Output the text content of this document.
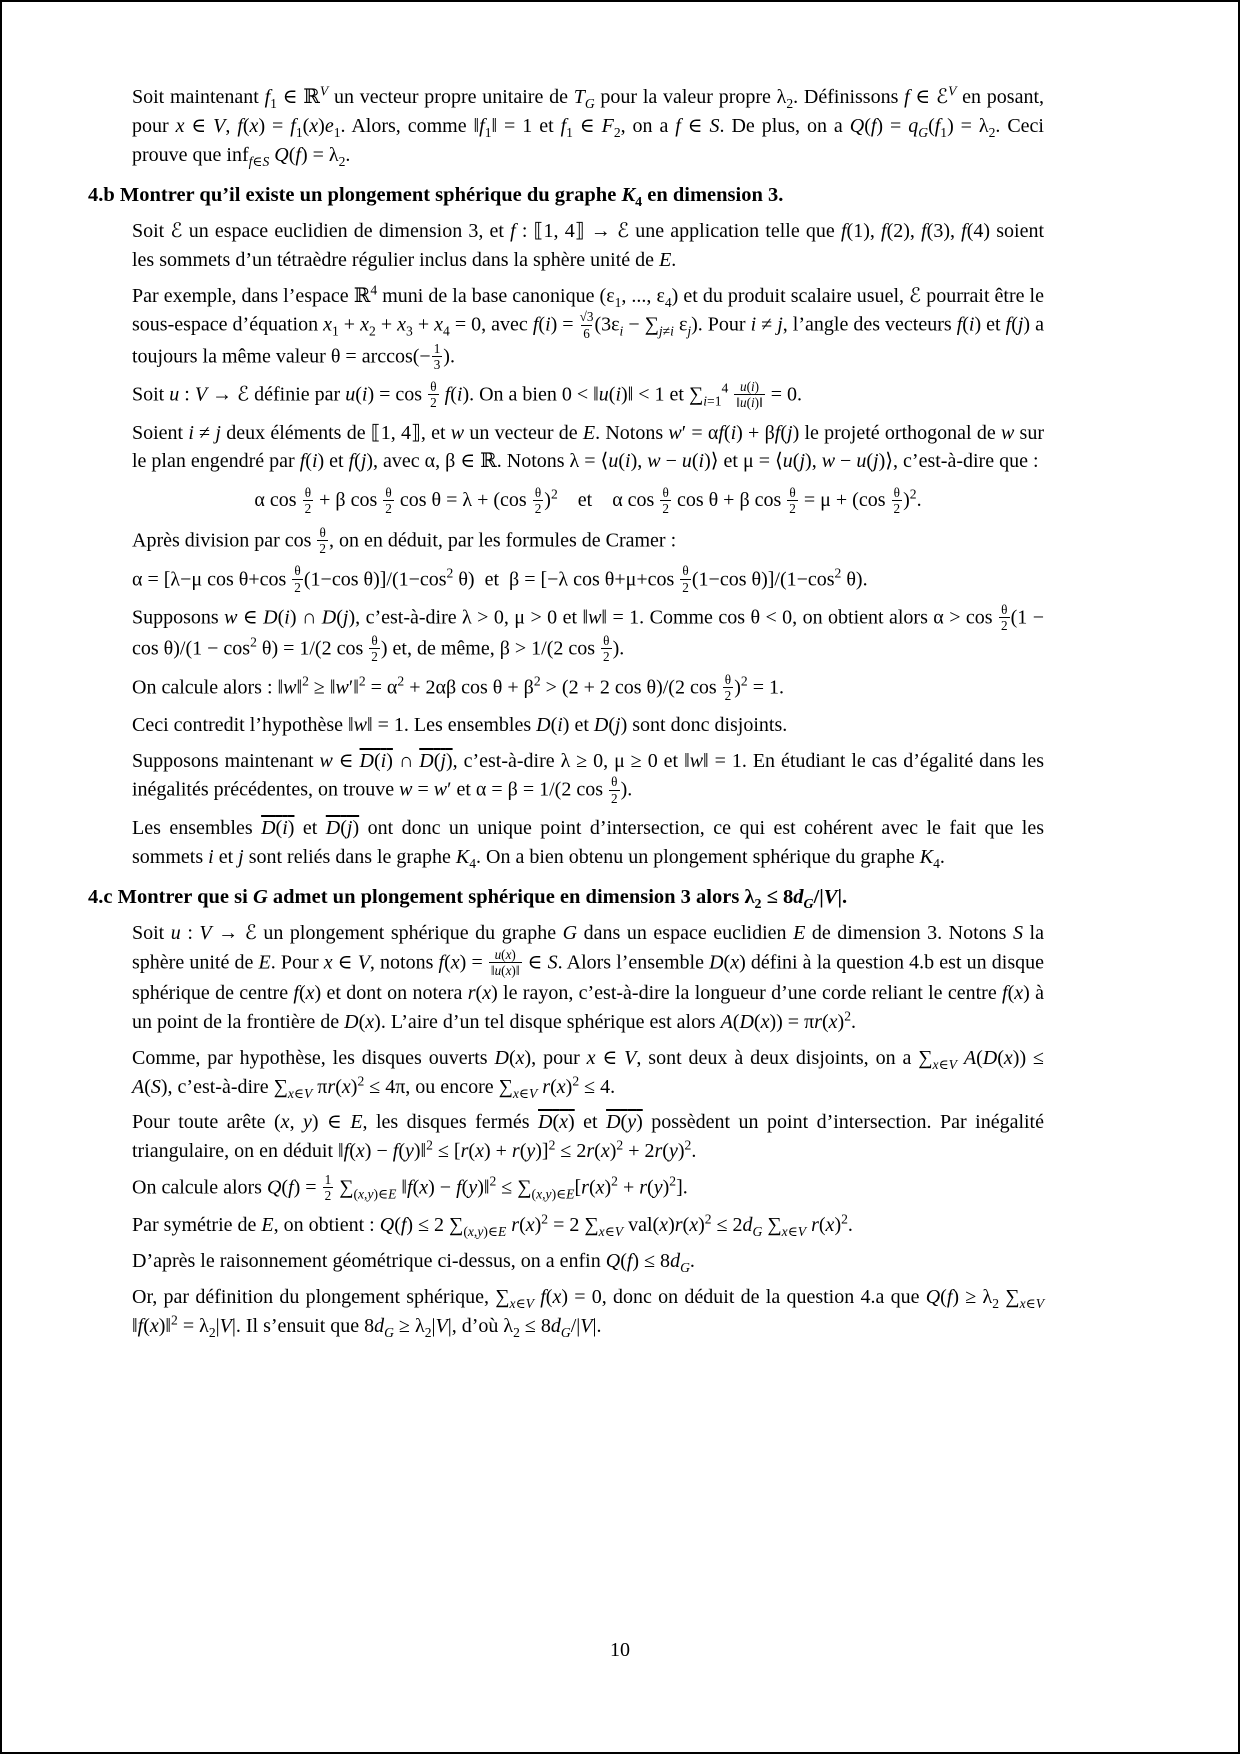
Soit maintenant $f_1$ ∈ ℝ$^V$ un vecteur propre unitaire de $T_G$ pour la valeur propre $\lambda_2$. Définissons f ∈ ℰ$^V$ en posant, pour x ∈ V, $f(x) = f_1(x)e_1$. Alors, comme $‖f_1‖ = 1$ et $f_1$ ∈ $F_2$, on a f ∈ S. De plus, on a $Q(f) = q_G(f_1) = \lambda_2$. Ceci prouve que inf$_{f\in S}$ $Q(f) = \lambda_2$.

4.b Montrer qu’il existe un plongement sphérique du graphe $K_4$ en dimension 3.

Soit ℰ un espace euclidien de dimension 3, et f : ⟦1, 4⟧ → ℰ une application telle que f(1), f(2), f(3), f(4) soient les sommets d’un tétraèdre régulier inclus dans la sphère unité de E.

Par exemple, dans l’espace ℝ$^4$ muni de la base canonique ($\varepsilon_1$, ..., $\varepsilon_4$) et du produit scalaire usuel, ℰ pourrait être le sous-espace d’équation $x_1 + x_2 + x_3 + x_4 = 0$, avec $f(i) = \frac{√3}{6} (3\varepsilon_i - \sum_{j\ne i}$ $\varepsilon_j$). Pour i ≠ j, l’angle des vecteurs f(i) et f(j) a toujours la même valeur $\theta = \arccos(- \frac{1}{3}$ ).

Soit u : V → ℰ définie par $u(i) = \cos \frac{\theta}{2} f(i)$. On a bien 0 < ‖u(i)‖ < 1 et $\sum_{i=1}^4 \frac{u(i)}{‖u(i)‖} = 0$.

Soient i ≠ j deux éléments de ⟦1, 4⟧, et w un vecteur de E. Notons w′ = αf(i) + βf(j) le projeté orthogonal de w sur le plan engendré par f(i) et f(j), avec α, β ∈ ℝ. Notons λ = ⟨u(i), w − u(i)⟩ et μ = ⟨u(j), w − u(j)⟩, c’est-à-dire que :

α $\cos \frac{\theta}{2} + \beta$ $\cos \frac{\theta}{2}$ $\cos \theta = \lambda + (\cos \frac{\theta}{2} )^2$    et    α $\cos \frac{\theta}{2}$ cos θ + β $\cos \frac{\theta}{2} = \mu + (\cos \frac{\theta}{2} )^2$.

Après division par $\cos \frac{\theta}{2}$ , on en déduit, par les formules de Cramer :

α = [λ−μ $\cos \theta+\cos \frac{\theta}{2} (1-\cos$ $\theta)]/(1-\cos^2$ θ)  et  β = [−λ $\cos \theta+\mu+\cos \frac{\theta}{2} (1-\cos$ $\theta)]/(1-\cos^2$ θ).

Supposons w ∈ D(i) ∩ D(j), c’est-à-dire λ > 0, μ > 0 et ‖w‖ = 1. Comme cos θ < 0, on obtient alors $\alpha > \cos \frac{\theta}{2} (1 - \cos \theta)/(1 - \cos^2 \theta) = 1/(2$ $\cos \frac{\theta}{2}$ ) et, de même, β > 1/(2 $\cos \frac{\theta}{2}$ ).

On calcule alors : ‖w‖$^2$ ≥ ‖w′‖$^2$ = $\alpha^2 + 2\alpha\beta$ $\cos \theta + \beta^2 > (2 + 2$ cos θ)/(2 $\cos \frac{\theta}{2} )^2 = 1$.

Ceci contredit l’hypothèse ‖w‖ = 1. Les ensembles D(i) et D(j) sont donc disjoints.

Supposons maintenant w ∈ D(i) ∩ D(j), c’est-à-dire λ ≥ 0, μ ≥ 0 et ‖w‖ = 1. En étudiant le cas d’égalité dans les inégalités précédentes, on trouve w = w′ et α = β = 1/(2 $\cos \frac{\theta}{2}$ ).

Les ensembles D(i) et D(j) ont donc un unique point d’intersection, ce qui est cohérent avec le fait que les sommets i et j sont reliés dans le graphe $K_4$. On a bien obtenu un plongement sphérique du graphe $K_4$.

4.c Montrer que si G admet un plongement sphérique en dimension 3 alors $\lambda_2 \le 8d_G/|V|$.

Soit u : V → ℰ un plongement sphérique du graphe G dans un espace euclidien E de dimension 3. Notons S la sphère unité de E. Pour x ∈ V, notons $f(x) = \frac{u(x)}{‖u(x)‖}$ ∈ S. Alors l’ensemble D(x) défini à la question 4.b est un disque sphérique de centre f(x) et dont on notera r(x) le rayon, c’est-à-dire la longueur d’une corde reliant le centre f(x) à un point de la frontière de D(x). L’aire d’un tel disque sphérique est alors $A(D(x)) = \pi r(x)^2$.

Comme, par hypothèse, les disques ouverts D(x), pour x ∈ V, sont deux à deux disjoints, on a $\sum_{x\in V}$ A(D(x)) ≤ A(S), c’est-à-dire $\sum_{x\in V}$ $\pi r(x)^2 \le 4\pi$, ou encore $\sum_{x\in V}$ $r(x)^2 \le 4$.

Pour toute arête (x, y) ∈ E, les disques fermés D(x) et D(y) possèdent un point d’intersection. Par inégalité triangulaire, on en déduit ‖f(x) − f(y)‖$^2$ ≤ $[r(x) + r(y)]^2 \le 2r(x)^2 + 2r(y)^2$.

On calcule alors $Q(f) = \frac{1}{2} \sum_{(x,y)\in E}$ ‖f(x) − f(y)‖$^2$ ≤ $\sum_{(x,y)\in E}[r(x)^2 + r(y)^2]$.

Par symétrie de E, on obtient : Q(f) ≤ 2 $\sum_{(x,y)\in E}$ $r(x)^2 = 2$ $\sum_{x\in V}$ $val(x)r(x)^2 \le 2d_G$ $\sum_{x\in V}$ $r(x)^2$.

D’après le raisonnement géométrique ci-dessus, on a enfin $Q(f) \le 8d_G$.

Or, par définition du plongement sphérique, $\sum_{x\in V}$ f(x) = 0, donc on déduit de la question 4.a que $Q(f) \ge \lambda_2$ $\sum_{x\in V}$ ‖f(x)‖$^2$ = $\lambda_2|V|$. Il s’ensuit que $8d_G \ge \lambda_2|V|$, d’où $\lambda_2 \le 8d_G/|V|$.

10
